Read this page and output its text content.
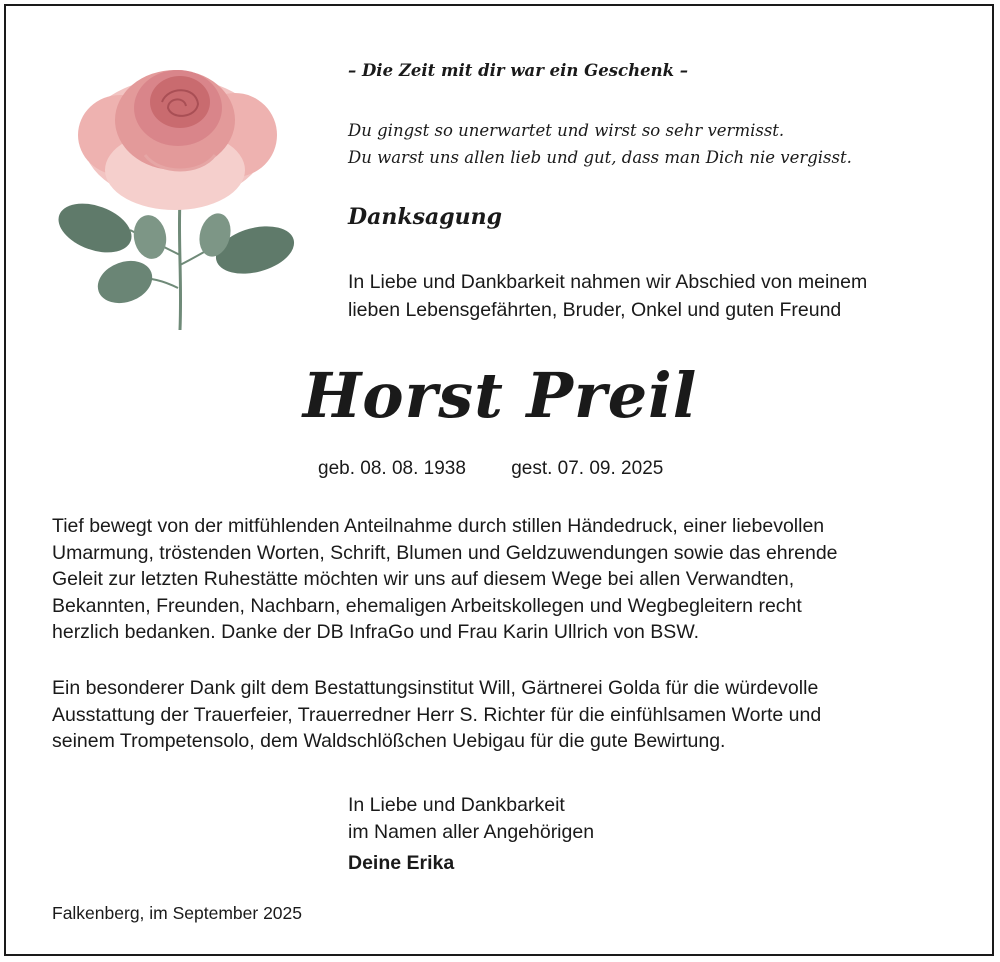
– Die Zeit mit dir war ein Geschenk –
Du gingst so unerwartet und wirst so sehr vermisst.
Du warst uns allen lieb und gut, dass man Dich nie vergisst.
Danksagung
In Liebe und Dankbarkeit nahmen wir Abschied von meinem
lieben Lebensgefährten, Bruder, Onkel und guten Freund
Horst Preil
geb. 08. 08. 1938 gest. 07. 09. 2025
Tief bewegt von der mitfühlenden Anteilnahme durch stillen Händedruck, einer liebevollen
Umarmung, tröstenden Worten, Schrift, Blumen und Geldzuwendungen sowie das ehrende
Geleit zur letzten Ruhestätte möchten wir uns auf diesem Wege bei allen Verwandten,
Bekannten, Freunden, Nachbarn, ehemaligen Arbeitskollegen und Wegbegleitern recht
herzlich bedanken. Danke der DB InfraGo und Frau Karin Ullrich von BSW.
Ein besonderer Dank gilt dem Bestattungsinstitut Will, Gärtnerei Golda für die würdevolle
Ausstattung der Trauerfeier, Trauerredner Herr S. Richter für die einfühlsamen Worte und
seinem Trompetensolo, dem Waldschlößchen Uebigau für die gute Bewirtung.
In Liebe und Dankbarkeit
im Namen aller Angehörigen
Deine Erika
Falkenberg, im September 2025
